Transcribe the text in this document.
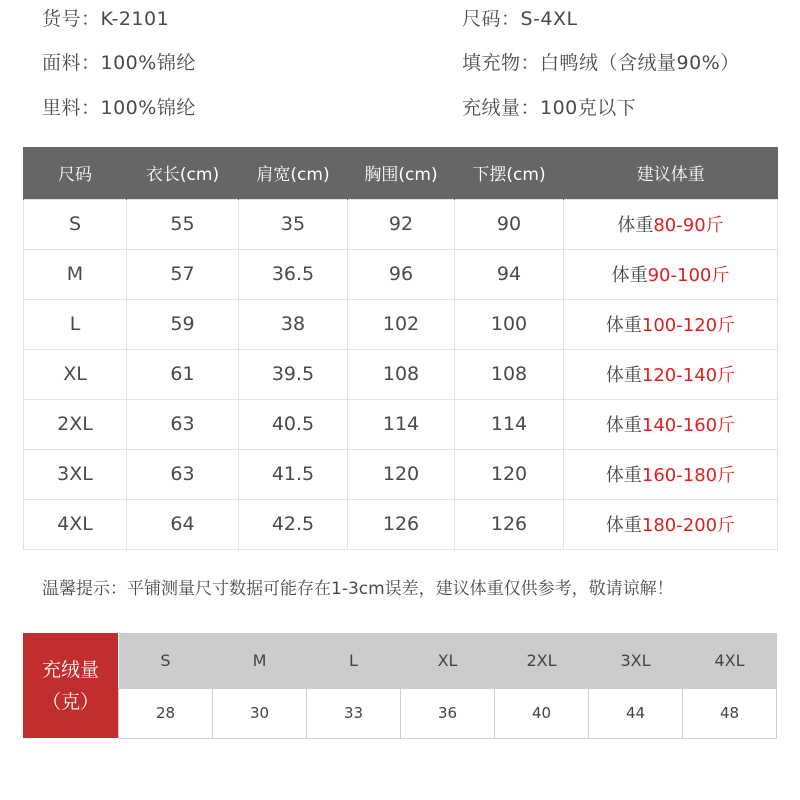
货号：K-2101	尺码：S-4XL
面料：100%锦纶	填充物：白鸭绒（含绒量90%）
里料：100%锦纶	充绒量：100克以下
尺码	衣长(cm)	肩宽(cm)	胸围(cm)	下摆(cm)	建议体重
S	55	35	92	90	体重80-90斤
M	57	36.5	96	94	体重90-100斤
L	59	38	102	100	体重100-120斤
XL	61	39.5	108	108	体重120-140斤
2XL	63	40.5	114	114	体重140-160斤
3XL	63	41.5	120	120	体重160-180斤
4XL	64	42.5	126	126	体重180-200斤
温馨提示：平铺测量尺寸数据可能存在1-3cm误差，建议体重仅供参考，敬请谅解！
充绒量
（克）
S	M	L	XL	2XL	3XL	4XL
28	30	33	36	40	44	48
